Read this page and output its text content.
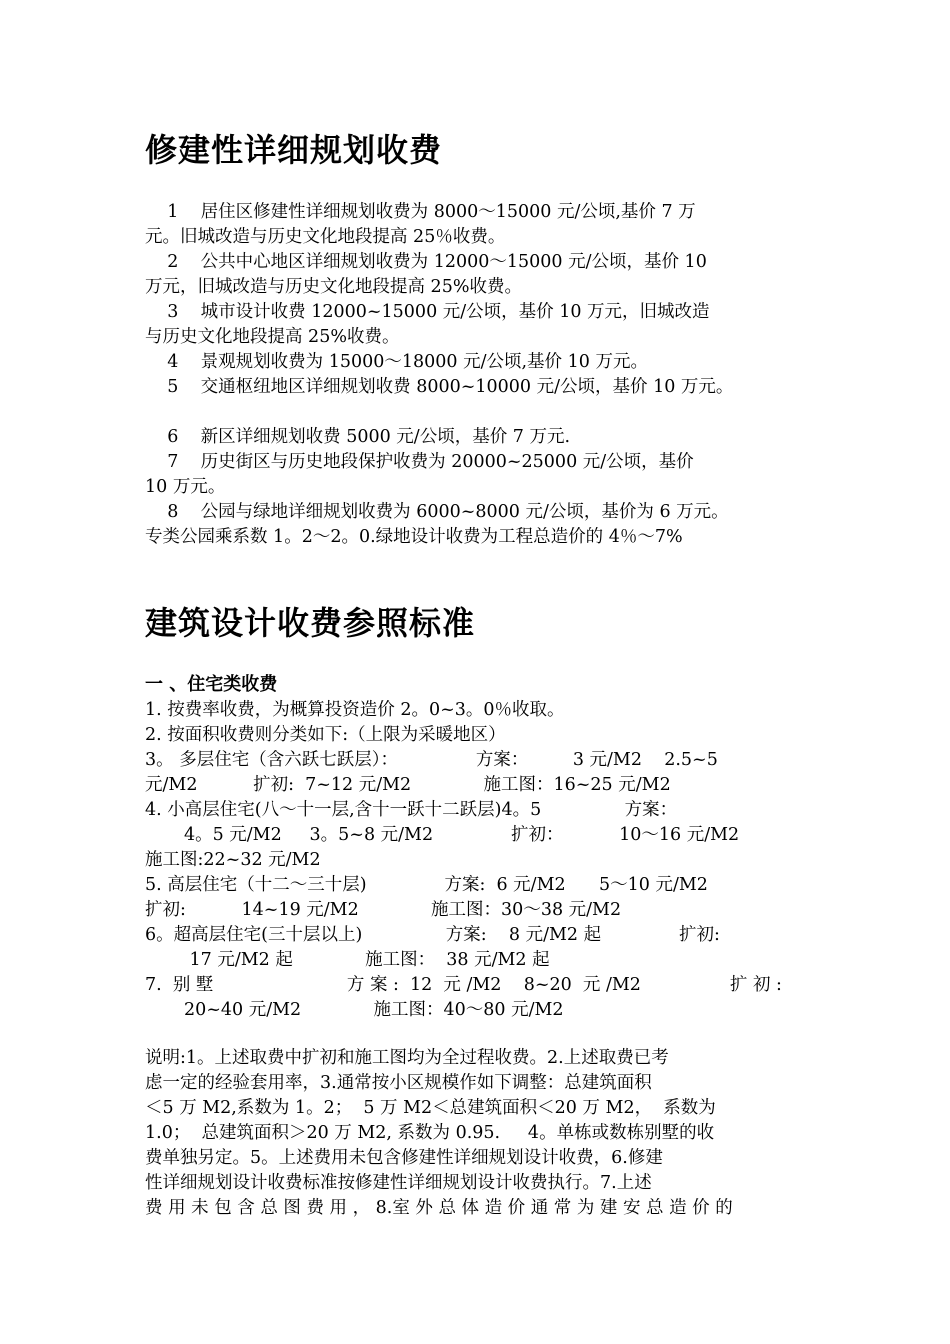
修建性详细规划收费

1    居住区修建性详细规划收费为 8000～15000 元/公顷,基价 7 万

元。旧城改造与历史文化地段提高 25％收费。

2    公共中心地区详细规划收费为 12000～15000 元/公顷，基价 10

万元，旧城改造与历史文化地段提高 25%收费。

3    城市设计收费 12000~15000 元/公顷，基价 10 万元，旧城改造

与历史文化地段提高 25%收费。

4    景观规划收费为 15000～18000 元/公顷,基价 10 万元。

5    交通枢纽地区详细规划收费 8000~10000 元/公顷，基价 10 万元。

6    新区详细规划收费 5000 元/公顷，基价 7 万元.

7    历史街区与历史地段保护收费为 20000~25000 元/公顷，基价

10 万元。

8    公园与绿地详细规划收费为 6000~8000 元/公顷，基价为 6 万元。

专类公园乘系数 1。2～2。0.绿地设计收费为工程总造价的 4％～7%

建筑设计收费参照标准

一 、住宅类收费

1. 按费率收费，为概算投资造价 2。0~3。0％收取。

2. 按面积收费则分类如下:（上限为采暖地区）

3。 多层住宅（含六跃七跃层）：              方案：        3 元/M2    2.5~5

元/M2          扩初:  7~12 元/M2             施工图：16~25 元/M2

4. 小高层住宅(八～十一层,含十一跃十二跃层)4。5               方案：

4。5 元/M2     3。5~8 元/M2              扩初：          10～16 元/M2

施工图:22~32 元/M2

5. 高层住宅（十二～三十层)              方案:  6 元/M2      5～10 元/M2

扩初:          14~19 元/M2             施工图：30～38 元/M2

6。超高层住宅(三十层以上)               方案:    8 元/M2 起              扩初:

17 元/M2 起             施工图：  38 元/M2 起

7.  别 墅                        方 案 :  12  元 /M2    8~20  元 /M2                扩 初 :

20~40 元/M2             施工图：40～80 元/M2

说明:1。上述取费中扩初和施工图均为全过程收费。2.上述取费已考

虑一定的经验套用率，3.通常按小区规模作如下调整：总建筑面积

＜5 万 M2,系数为 1。2；  5 万 M2＜总建筑面积＜20 万 M2，  系数为

1.0；  总建筑面积＞20 万 M2, 系数为 0.95.     4。单栋或数栋别墅的收

费单独另定。5。上述费用未包含修建性详细规划设计收费，6.修建

性详细规划设计收费标准按修建性详细规划设计收费执行。7.上述

费 用 未 包 含 总 图 费 用 ， 8.室 外 总 体 造 价 通 常 为 建 安 总 造 价 的
